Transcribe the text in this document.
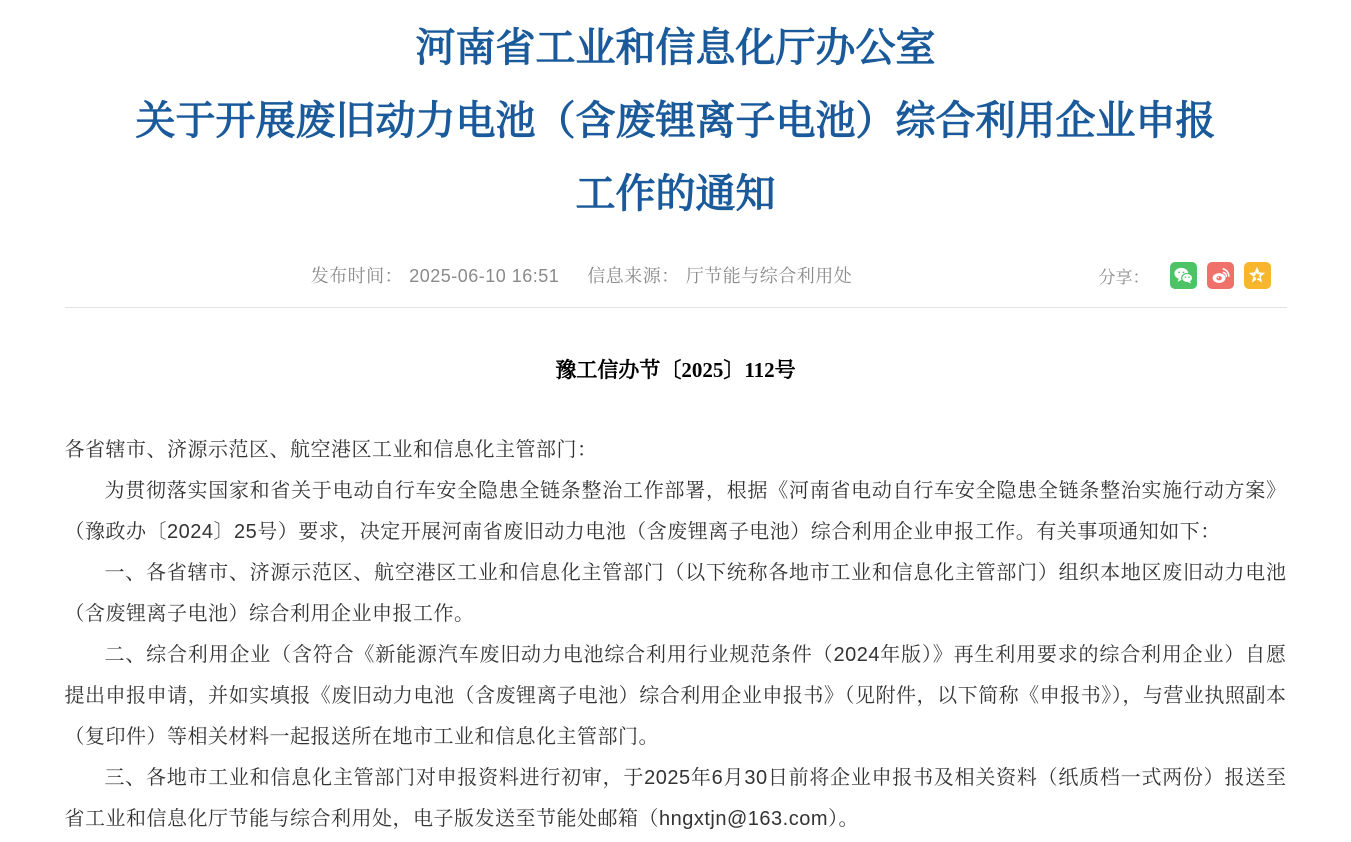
河南省工业和信息化厅办公室
关于开展废旧动力电池（含废锂离子电池）综合利用企业申报
工作的通知
发布时间： 2025-06-10 16:51 信息来源： 厅节能与综合利用处	分享：
豫工信办节〔2025〕112号

各省辖市、济源示范区、航空港区工业和信息化主管部门：

为贯彻落实国家和省关于电动自行车安全隐患全链条整治工作部署，根据《河南省电动自行车安全隐患全链条整治实施行动方案》（豫政办〔2024〕25号）要求，决定开展河南省废旧动力电池（含废锂离子电池）综合利用企业申报工作。有关事项通知如下：

一、各省辖市、济源示范区、航空港区工业和信息化主管部门（以下统称各地市工业和信息化主管部门）组织本地区废旧动力电池（含废锂离子电池）综合利用企业申报工作。

二、综合利用企业（含符合《新能源汽车废旧动力电池综合利用行业规范条件（2024年版）》再生利用要求的综合利用企业）自愿提出申报申请，并如实填报《废旧动力电池（含废锂离子电池）综合利用企业申报书》（见附件，以下简称《申报书》），与营业执照副本（复印件）等相关材料一起报送所在地市工业和信息化主管部门。

三、各地市工业和信息化主管部门对申报资料进行初审，于2025年6月30日前将企业申报书及相关资料（纸质档一式两份）报送至省工业和信息化厅节能与综合利用处，电子版发送至节能处邮箱（hngxtjn@163.com）。
